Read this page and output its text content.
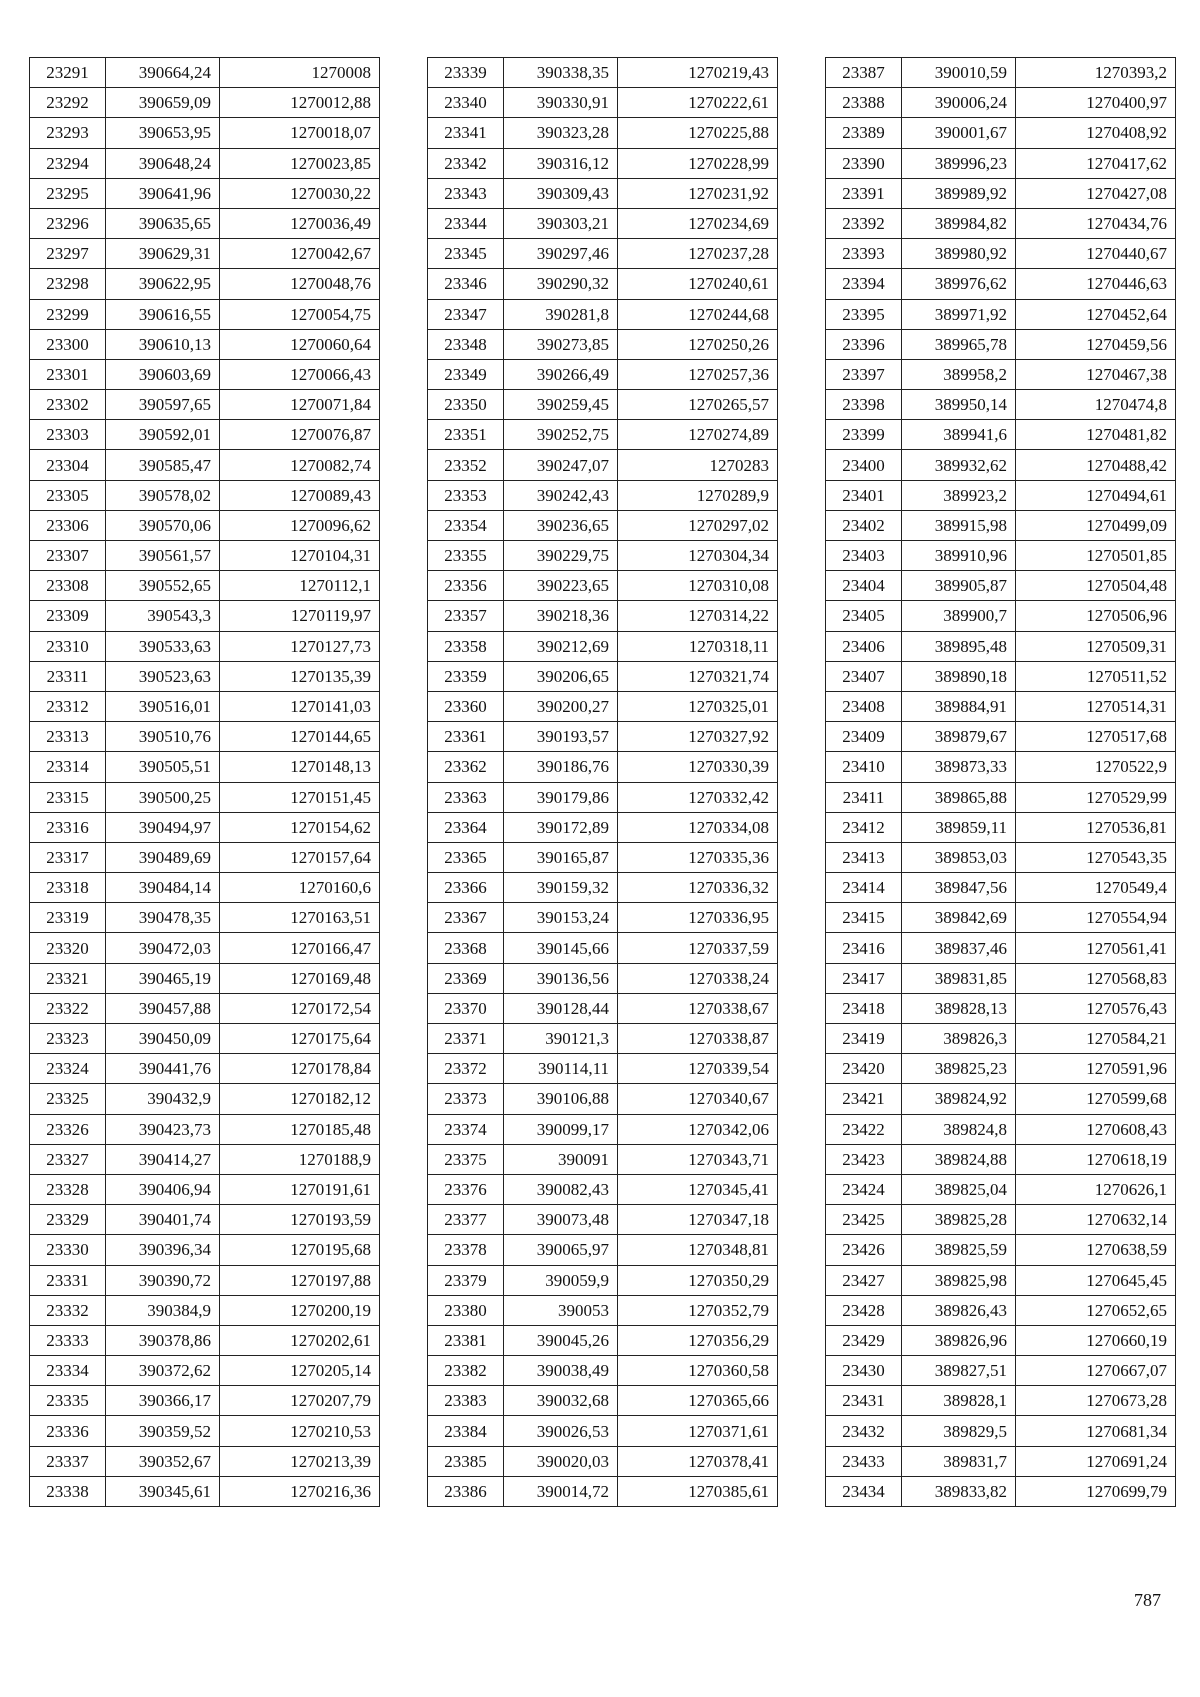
23291	390664,24	1270008
23292	390659,09	1270012,88
23293	390653,95	1270018,07
23294	390648,24	1270023,85
23295	390641,96	1270030,22
23296	390635,65	1270036,49
23297	390629,31	1270042,67
23298	390622,95	1270048,76
23299	390616,55	1270054,75
23300	390610,13	1270060,64
23301	390603,69	1270066,43
23302	390597,65	1270071,84
23303	390592,01	1270076,87
23304	390585,47	1270082,74
23305	390578,02	1270089,43
23306	390570,06	1270096,62
23307	390561,57	1270104,31
23308	390552,65	1270112,1
23309	390543,3	1270119,97
23310	390533,63	1270127,73
23311	390523,63	1270135,39
23312	390516,01	1270141,03
23313	390510,76	1270144,65
23314	390505,51	1270148,13
23315	390500,25	1270151,45
23316	390494,97	1270154,62
23317	390489,69	1270157,64
23318	390484,14	1270160,6
23319	390478,35	1270163,51
23320	390472,03	1270166,47
23321	390465,19	1270169,48
23322	390457,88	1270172,54
23323	390450,09	1270175,64
23324	390441,76	1270178,84
23325	390432,9	1270182,12
23326	390423,73	1270185,48
23327	390414,27	1270188,9
23328	390406,94	1270191,61
23329	390401,74	1270193,59
23330	390396,34	1270195,68
23331	390390,72	1270197,88
23332	390384,9	1270200,19
23333	390378,86	1270202,61
23334	390372,62	1270205,14
23335	390366,17	1270207,79
23336	390359,52	1270210,53
23337	390352,67	1270213,39
23338	390345,61	1270216,36
23339	390338,35	1270219,43
23340	390330,91	1270222,61
23341	390323,28	1270225,88
23342	390316,12	1270228,99
23343	390309,43	1270231,92
23344	390303,21	1270234,69
23345	390297,46	1270237,28
23346	390290,32	1270240,61
23347	390281,8	1270244,68
23348	390273,85	1270250,26
23349	390266,49	1270257,36
23350	390259,45	1270265,57
23351	390252,75	1270274,89
23352	390247,07	1270283
23353	390242,43	1270289,9
23354	390236,65	1270297,02
23355	390229,75	1270304,34
23356	390223,65	1270310,08
23357	390218,36	1270314,22
23358	390212,69	1270318,11
23359	390206,65	1270321,74
23360	390200,27	1270325,01
23361	390193,57	1270327,92
23362	390186,76	1270330,39
23363	390179,86	1270332,42
23364	390172,89	1270334,08
23365	390165,87	1270335,36
23366	390159,32	1270336,32
23367	390153,24	1270336,95
23368	390145,66	1270337,59
23369	390136,56	1270338,24
23370	390128,44	1270338,67
23371	390121,3	1270338,87
23372	390114,11	1270339,54
23373	390106,88	1270340,67
23374	390099,17	1270342,06
23375	390091	1270343,71
23376	390082,43	1270345,41
23377	390073,48	1270347,18
23378	390065,97	1270348,81
23379	390059,9	1270350,29
23380	390053	1270352,79
23381	390045,26	1270356,29
23382	390038,49	1270360,58
23383	390032,68	1270365,66
23384	390026,53	1270371,61
23385	390020,03	1270378,41
23386	390014,72	1270385,61
23387	390010,59	1270393,2
23388	390006,24	1270400,97
23389	390001,67	1270408,92
23390	389996,23	1270417,62
23391	389989,92	1270427,08
23392	389984,82	1270434,76
23393	389980,92	1270440,67
23394	389976,62	1270446,63
23395	389971,92	1270452,64
23396	389965,78	1270459,56
23397	389958,2	1270467,38
23398	389950,14	1270474,8
23399	389941,6	1270481,82
23400	389932,62	1270488,42
23401	389923,2	1270494,61
23402	389915,98	1270499,09
23403	389910,96	1270501,85
23404	389905,87	1270504,48
23405	389900,7	1270506,96
23406	389895,48	1270509,31
23407	389890,18	1270511,52
23408	389884,91	1270514,31
23409	389879,67	1270517,68
23410	389873,33	1270522,9
23411	389865,88	1270529,99
23412	389859,11	1270536,81
23413	389853,03	1270543,35
23414	389847,56	1270549,4
23415	389842,69	1270554,94
23416	389837,46	1270561,41
23417	389831,85	1270568,83
23418	389828,13	1270576,43
23419	389826,3	1270584,21
23420	389825,23	1270591,96
23421	389824,92	1270599,68
23422	389824,8	1270608,43
23423	389824,88	1270618,19
23424	389825,04	1270626,1
23425	389825,28	1270632,14
23426	389825,59	1270638,59
23427	389825,98	1270645,45
23428	389826,43	1270652,65
23429	389826,96	1270660,19
23430	389827,51	1270667,07
23431	389828,1	1270673,28
23432	389829,5	1270681,34
23433	389831,7	1270691,24
23434	389833,82	1270699,79
787
